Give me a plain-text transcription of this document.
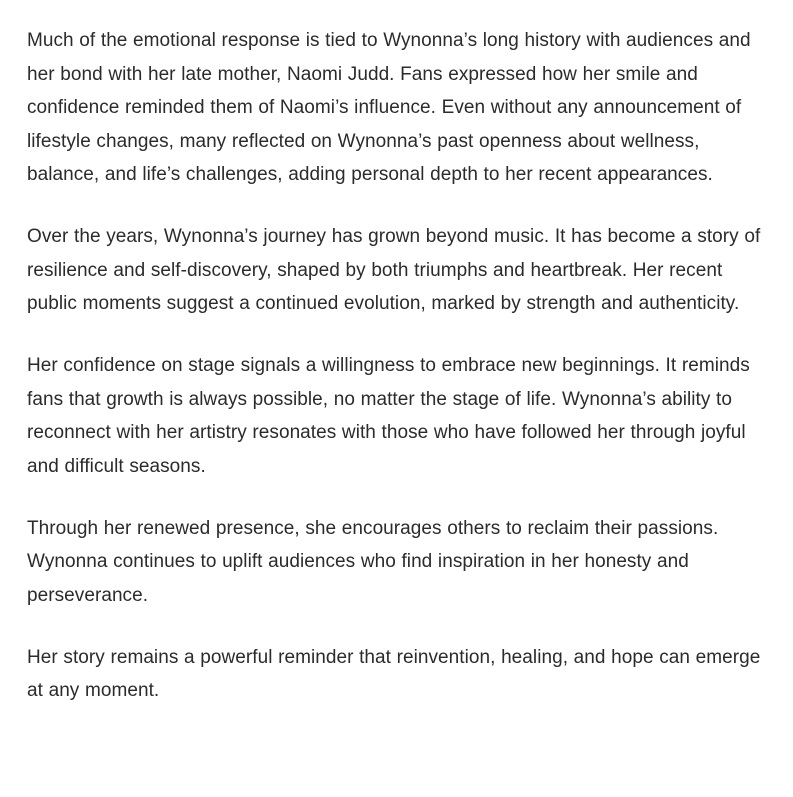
Much of the emotional response is tied to Wynonna’s long history with audiences and her bond with her late mother, Naomi Judd. Fans expressed how her smile and confidence reminded them of Naomi’s influence. Even without any announcement of lifestyle changes, many reflected on Wynonna’s past openness about wellness, balance, and life’s challenges, adding personal depth to her recent appearances.

Over the years, Wynonna’s journey has grown beyond music. It has become a story of resilience and self-discovery, shaped by both triumphs and heartbreak. Her recent public moments suggest a continued evolution, marked by strength and authenticity.

Her confidence on stage signals a willingness to embrace new beginnings. It reminds fans that growth is always possible, no matter the stage of life. Wynonna’s ability to reconnect with her artistry resonates with those who have followed her through joyful and difficult seasons.

Through her renewed presence, she encourages others to reclaim their passions. Wynonna continues to uplift audiences who find inspiration in her honesty and perseverance.

Her story remains a powerful reminder that reinvention, healing, and hope can emerge at any moment.
